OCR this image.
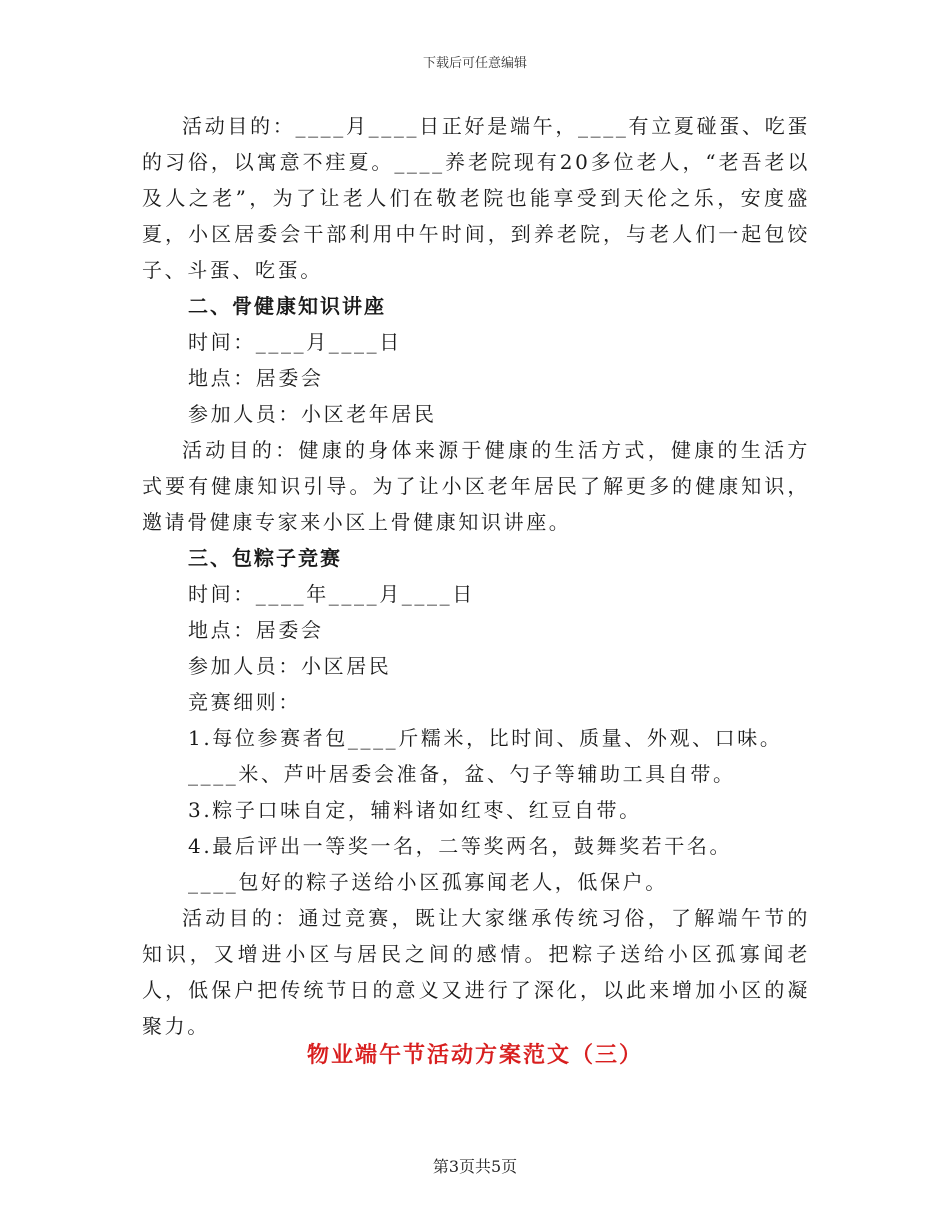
下载后可任意编辑

活动目的：____月____日正好是端午，____有立夏碰蛋、吃蛋的习俗，以寓意不疰夏。____养老院现有20多位老人，“老吾老以及人之老”，为了让老人们在敬老院也能享受到天伦之乐，安度盛夏，小区居委会干部利用中午时间，到养老院，与老人们一起包饺子、斗蛋、吃蛋。

二、骨健康知识讲座

时间：____月____日

地点：居委会

参加人员：小区老年居民

活动目的：健康的身体来源于健康的生活方式，健康的生活方式要有健康知识引导。为了让小区老年居民了解更多的健康知识，邀请骨健康专家来小区上骨健康知识讲座。

三、包粽子竞赛

时间：____年____月____日

地点：居委会

参加人员：小区居民

竞赛细则：

1.每位参赛者包____斤糯米，比时间、质量、外观、口味。

____米、芦叶居委会准备，盆、勺子等辅助工具自带。

3.粽子口味自定，辅料诸如红枣、红豆自带。

4.最后评出一等奖一名，二等奖两名，鼓舞奖若干名。

____包好的粽子送给小区孤寡闻老人，低保户。

活动目的：通过竞赛，既让大家继承传统习俗，了解端午节的知识，又增进小区与居民之间的感情。把粽子送给小区孤寡闻老人，低保户把传统节日的意义又进行了深化，以此来增加小区的凝聚力。

物业端午节活动方案范文（三）
第3页共5页
